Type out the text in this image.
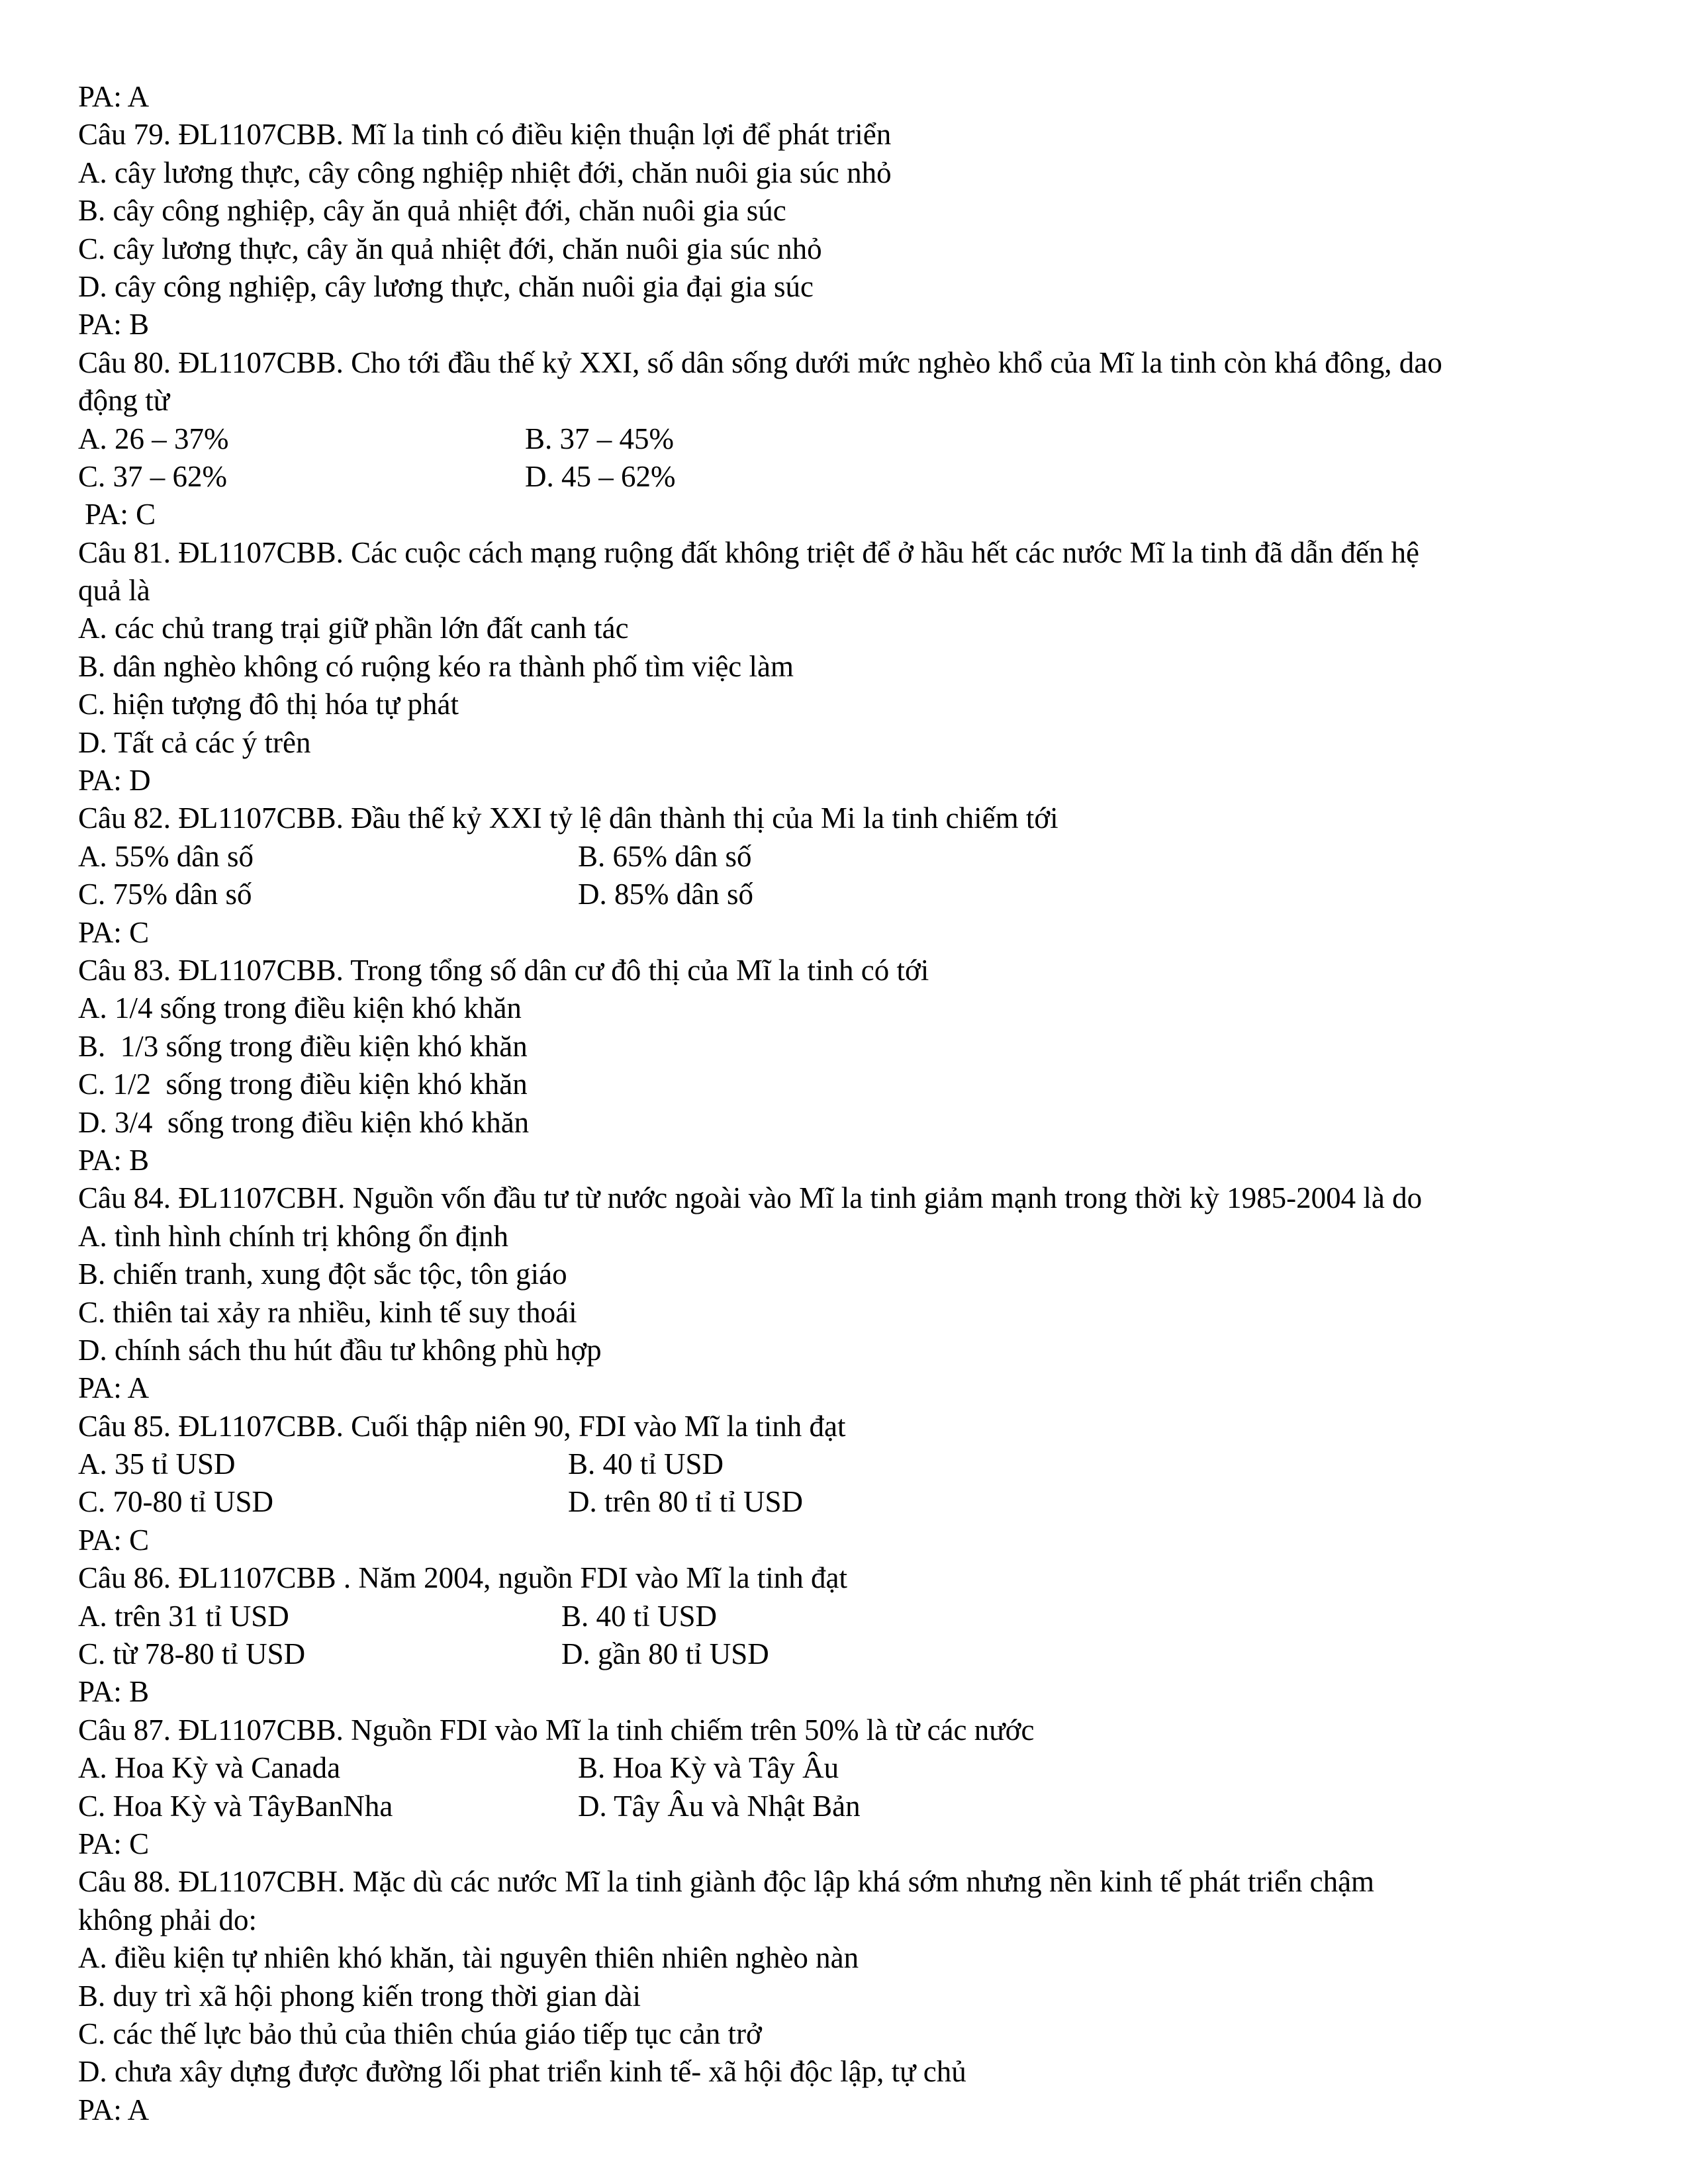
PA: A
Câu 79. ĐL1107CBB. Mĩ la tinh có điều kiện thuận lợi để phát triển
A. cây lương thực, cây công nghiệp nhiệt đới, chăn nuôi gia súc nhỏ
B. cây công nghiệp, cây ăn quả nhiệt đới, chăn nuôi gia súc
C. cây lương thực, cây ăn quả nhiệt đới, chăn nuôi gia súc nhỏ
D. cây công nghiệp, cây lương thực, chăn nuôi gia đại gia súc
PA: B
Câu 80. ĐL1107CBB. Cho tới đầu thế kỷ XXI, số dân sống dưới mức nghèo khổ của Mĩ la tinh còn khá đông, dao
động từ
A. 26 – 37%	B. 37 – 45%
C. 37 – 62%	D. 45 – 62%
PA: C
Câu 81. ĐL1107CBB. Các cuộc cách mạng ruộng đất không triệt để ở hầu hết các nước Mĩ la tinh đã dẫn đến hệ
quả là
A. các chủ trang trại giữ phần lớn đất canh tác
B. dân nghèo không có ruộng kéo ra thành phố tìm việc làm
C. hiện tượng đô thị hóa tự phát
D. Tất cả các ý trên
PA: D
Câu 82. ĐL1107CBB. Đầu thế kỷ XXI tỷ lệ dân thành thị của Mi la tinh chiếm tới
A. 55% dân số	B. 65% dân số
C. 75% dân số	D. 85% dân số
PA: C
Câu 83. ĐL1107CBB. Trong tổng số dân cư đô thị của Mĩ la tinh có tới
A. 1/4 sống trong điều kiện khó khăn
B.  1/3 sống trong điều kiện khó khăn
C. 1/2  sống trong điều kiện khó khăn
D. 3/4  sống trong điều kiện khó khăn
PA: B
Câu 84. ĐL1107CBH. Nguồn vốn đầu tư từ nước ngoài vào Mĩ la tinh giảm mạnh trong thời kỳ 1985-2004 là do
A. tình hình chính trị không ổn định
B. chiến tranh, xung đột sắc tộc, tôn giáo
C. thiên tai xảy ra nhiều, kinh tế suy thoái
D. chính sách thu hút đầu tư không phù hợp
PA: A
Câu 85. ĐL1107CBB. Cuối thập niên 90, FDI vào Mĩ la tinh đạt
A. 35 tỉ USD	B. 40 tỉ USD
C. 70-80 tỉ USD	D. trên 80 tỉ tỉ USD
PA: C
Câu 86. ĐL1107CBB . Năm 2004, nguồn FDI vào Mĩ la tinh đạt
A. trên 31 tỉ USD	B. 40 tỉ USD
C. từ 78-80 tỉ USD	D. gần 80 tỉ USD
PA: B
Câu 87. ĐL1107CBB. Nguồn FDI vào Mĩ la tinh chiếm trên 50% là từ các nước
A. Hoa Kỳ và Canada	B. Hoa Kỳ và Tây Âu
C. Hoa Kỳ và TâyBanNha	D. Tây Âu và Nhật Bản
PA: C
Câu 88. ĐL1107CBH. Mặc dù các nước Mĩ la tinh giành độc lập khá sớm nhưng nền kinh tế phát triển chậm
không phải do:
A. điều kiện tự nhiên khó khăn, tài nguyên thiên nhiên nghèo nàn
B. duy trì xã hội phong kiến trong thời gian dài
C. các thế lực bảo thủ của thiên chúa giáo tiếp tục cản trở
D. chưa xây dựng được đường lối phat triển kinh tế- xã hội độc lập, tự chủ
PA: A
